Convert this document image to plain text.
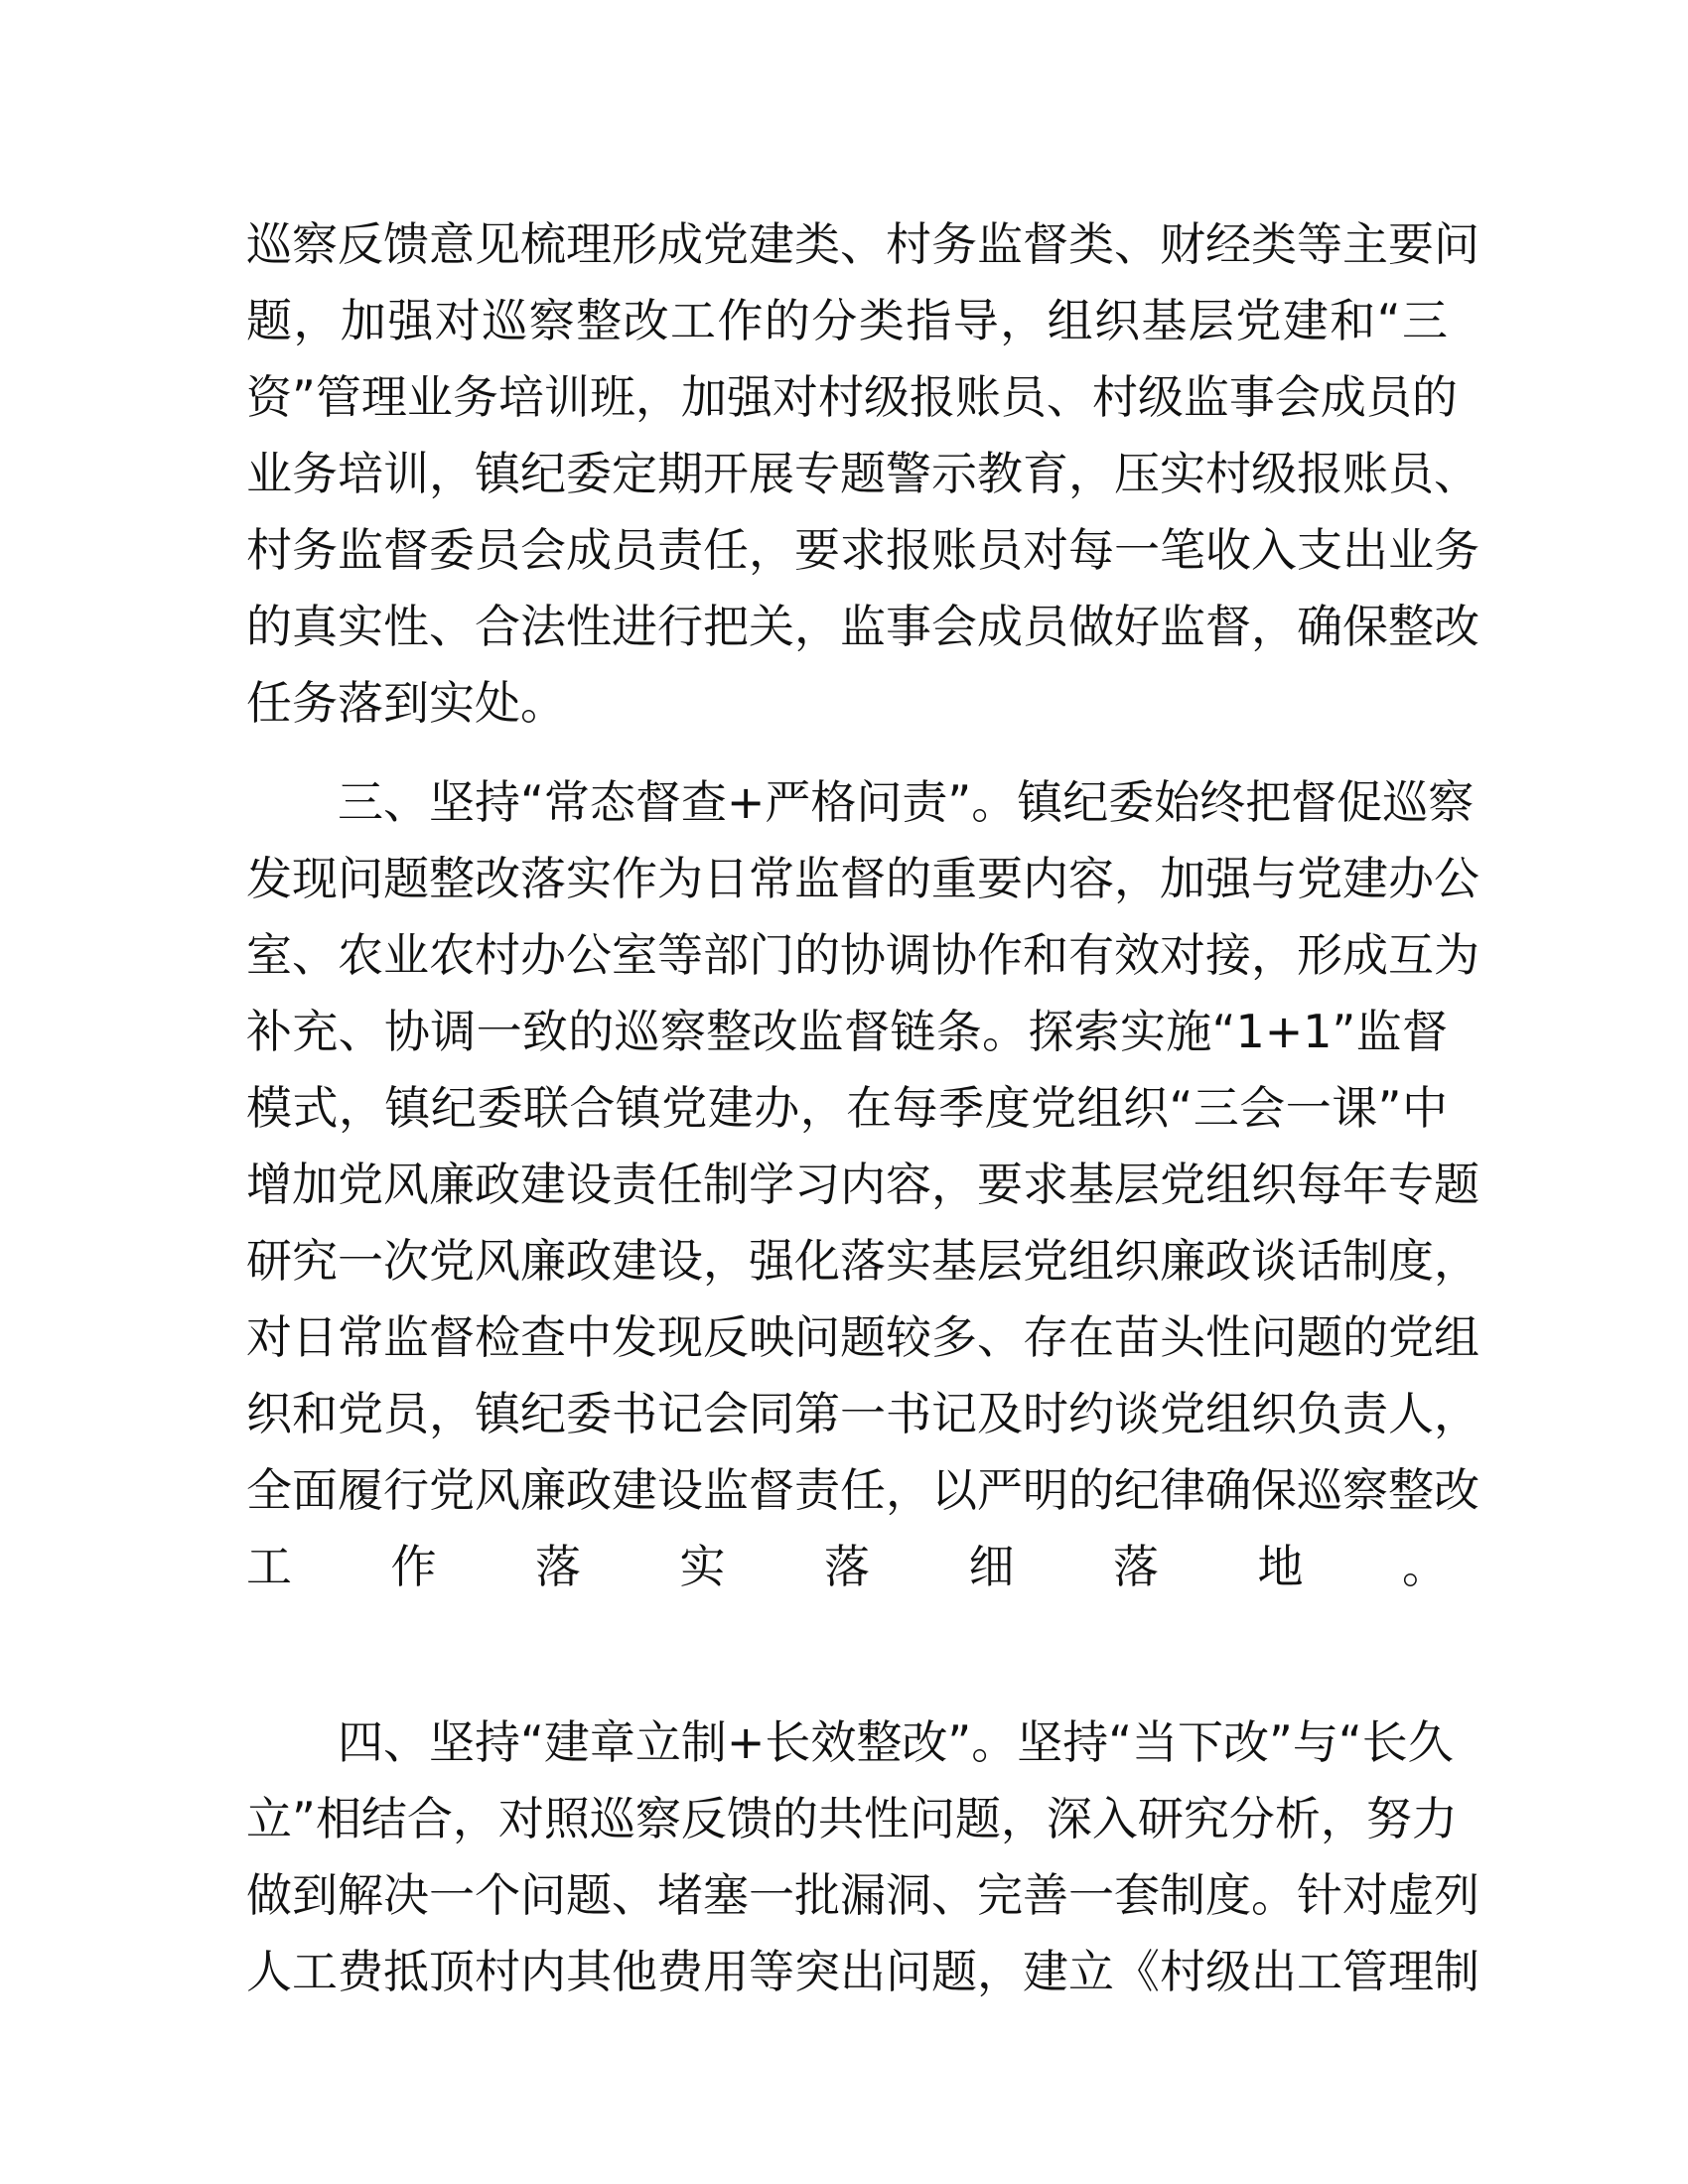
巡察反馈意见梳理形成党建类、村务监督类、财经类等主要问
题，加强对巡察整改工作的分类指导，组织基层党建和“三
资”管理业务培训班，加强对村级报账员、村级监事会成员的
业务培训，镇纪委定期开展专题警示教育，压实村级报账员、
村务监督委员会成员责任，要求报账员对每一笔收入支出业务
的真实性、合法性进行把关，监事会成员做好监督，确保整改
任务落到实处。
三、坚持“常态督查+严格问责”。镇纪委始终把督促巡察
发现问题整改落实作为日常监督的重要内容，加强与党建办公
室、农业农村办公室等部门的协调协作和有效对接，形成互为
补充、协调一致的巡察整改监督链条。探索实施“1+1”监督
模式，镇纪委联合镇党建办，在每季度党组织“三会一课”中
增加党风廉政建设责任制学习内容，要求基层党组织每年专题
研究一次党风廉政建设，强化落实基层党组织廉政谈话制度，
对日常监督检查中发现反映问题较多、存在苗头性问题的党组
织和党员，镇纪委书记会同第一书记及时约谈党组织负责人，
全面履行党风廉政建设监督责任，以严明的纪律确保巡察整改
工作落实落细落地。
四、坚持“建章立制+长效整改”。坚持“当下改”与“长久
立”相结合，对照巡察反馈的共性问题，深入研究分析，努力
做到解决一个问题、堵塞一批漏洞、完善一套制度。针对虚列
人工费抵顶村内其他费用等突出问题，建立《村级出工管理制
